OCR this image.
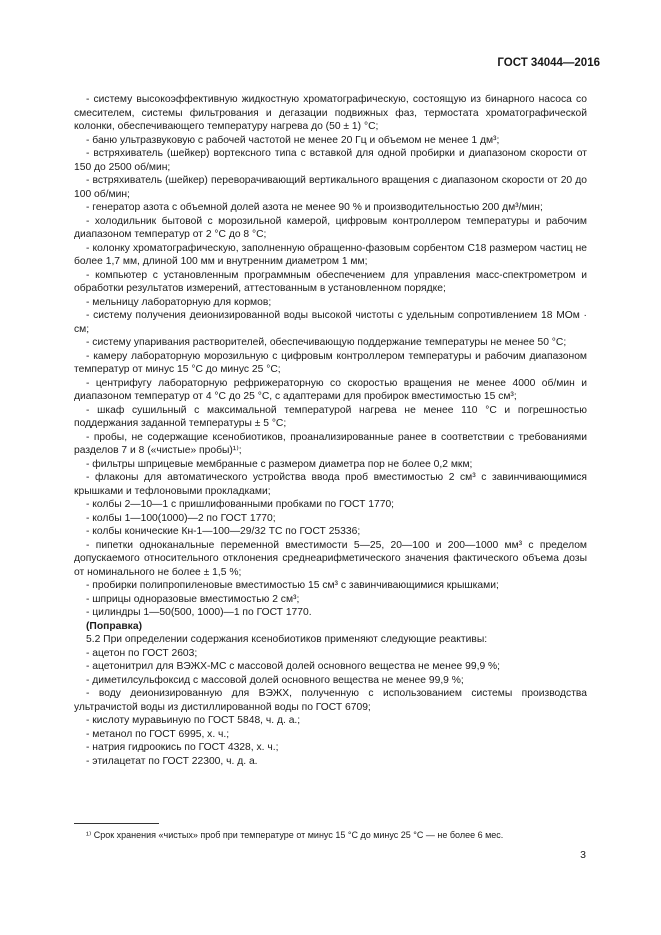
ГОСТ 34044—2016

- систему высокоэффективную жидкостную хроматографическую, состоящую из бинарного насоса со смесителем, системы фильтрования и дегазации подвижных фаз, термостата хроматографической колонки, обеспечивающего температуру нагрева до (50 ± 1) °С;

- баню ультразвуковую с рабочей частотой не менее 20 Гц и объемом не менее 1 дм³;

- встряхиватель (шейкер) вортексного типа с вставкой для одной пробирки и диапазоном скорости от 150 до 2500 об/мин;

- встряхиватель (шейкер) переворачивающий вертикального вращения с диапазоном скорости от 20 до 100 об/мин;

- генератор азота с объемной долей азота не менее 90 % и производительностью 200 дм³/мин;

- холодильник бытовой с морозильной камерой, цифровым контроллером температуры и рабочим диапазоном температур от 2 °С до 8 °С;

- колонку хроматографическую, заполненную обращенно-фазовым сорбентом С18 размером частиц не более 1,7 мм, длиной 100 мм и внутренним диаметром 1 мм;

- компьютер с установленным программным обеспечением для управления масс-спектрометром и обработки результатов измерений, аттестованным в установленном порядке;

- мельницу лабораторную для кормов;

- систему получения деионизированной воды высокой чистоты с удельным сопротивлением 18 МОм · см;

- систему упаривания растворителей, обеспечивающую поддержание температуры не менее 50 °С;

- камеру лабораторную морозильную с цифровым контроллером температуры и рабочим диапазоном температур от минус 15 °С до минус 25 °С;

- центрифугу лабораторную рефрижераторную со скоростью вращения не менее 4000 об/мин и диапазоном температур от 4 °С до 25 °С, с адаптерами для пробирок вместимостью 15 см³;

- шкаф сушильный с максимальной температурой нагрева не менее 110 °С и погрешностью поддержания заданной температуры ± 5 °С;

- пробы, не содержащие ксенобиотиков, проанализированные ранее в соответствии с требованиями разделов 7 и 8 («чистые» пробы)¹⁾;

- фильтры шприцевые мембранные с размером диаметра пор не более 0,2 мкм;

- флаконы для автоматического устройства ввода проб вместимостью 2 см³ с завинчивающимися крышками и тефлоновыми прокладками;

- колбы 2—10—1 с пришлифованными пробками по ГОСТ 1770;

- колбы 1—100(1000)—2 по ГОСТ 1770;

- колбы конические Кн-1—100—29/32 ТС по ГОСТ 25336;

- пипетки одноканальные переменной вместимости 5—25, 20—100 и 200—1000 мм³ с пределом допускаемого относительного отклонения среднеарифметического значения фактического объема дозы от номинального не более ± 1,5 %;

- пробирки полипропиленовые вместимостью 15 см³ с завинчивающимися крышками;

- шприцы одноразовые вместимостью 2 см³;

- цилиндры 1—50(500, 1000)—1 по ГОСТ 1770.

(Поправка)

5.2 При определении содержания ксенобиотиков применяют следующие реактивы:

- ацетон по ГОСТ 2603;

- ацетонитрил для ВЭЖХ-МС с массовой долей основного вещества не менее 99,9 %;

- диметилсульфоксид с массовой долей основного вещества не менее 99,9 %;

- воду деионизированную для ВЭЖХ, полученную с использованием системы производства ультрачистой воды из дистиллированной воды по ГОСТ 6709;

- кислоту муравьиную по ГОСТ 5848, ч. д. а.;

- метанол по ГОСТ 6995, х. ч.;

- натрия гидроокись по ГОСТ 4328, х. ч.;

- этилацетат по ГОСТ 22300, ч. д. а.

¹⁾ Срок хранения «чистых» проб при температуре от минус 15 °С до минус 25 °С — не более 6 мес.
3
